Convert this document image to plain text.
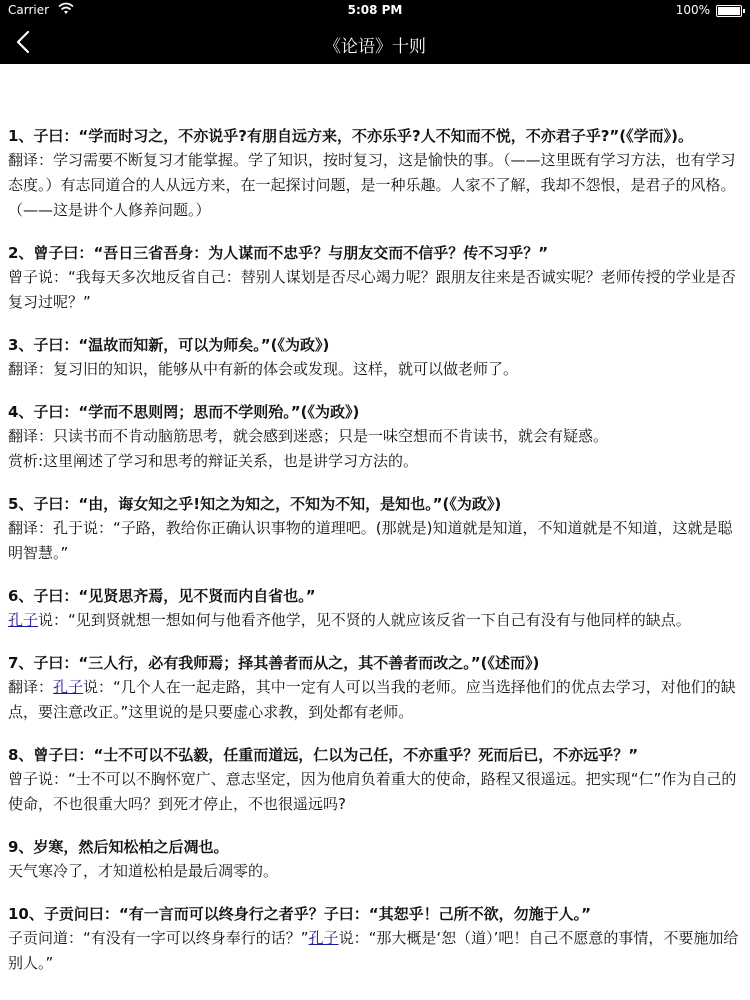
Carrier	5:08 PM	100%
《论语》十则
1、子曰：“学而时习之，不亦说乎?有朋自远方来，不亦乐乎?人不知而不悦，不亦君子乎?”(《学而》)。
翻译：学习需要不断复习才能掌握。学了知识，按时复习，这是愉快的事。（——这里既有学习方法，也有学习态度。）有志同道合的人从远方来，在一起探讨问题，是一种乐趣。人家不了解，我却不怨恨，是君子的风格。（——这是讲个人修养问题。）
2、曾子曰：“吾日三省吾身：为人谋而不忠乎？与朋友交而不信乎？传不习乎？”
曾子说：“我每天多次地反省自己：替别人谋划是否尽心竭力呢？跟朋友往来是否诚实呢？老师传授的学业是否复习过呢？”
3、子曰：“温故而知新，可以为师矣。”(《为政》)
翻译：复习旧的知识，能够从中有新的体会或发现。这样，就可以做老师了。
4、子曰：“学而不思则罔；思而不学则殆。”(《为政》)
翻译：只读书而不肯动脑筋思考，就会感到迷惑；只是一味空想而不肯读书，就会有疑惑。
赏析:这里阐述了学习和思考的辩证关系，也是讲学习方法的。
5、子曰：“由，诲女知之乎!知之为知之，不知为不知，是知也。”(《为政》)
翻译：孔于说：“子路，教给你正确认识事物的道理吧。(那就是)知道就是知道，不知道就是不知道，这就是聪明智慧。”
6、子曰：“见贤思齐焉，见不贤而内自省也。”
孔子说：“见到贤就想一想如何与他看齐他学，见不贤的人就应该反省一下自己有没有与他同样的缺点。
7、子曰：“三人行，必有我师焉；择其善者而从之，其不善者而改之。”(《述而》)
翻译：孔子说：“几个人在一起走路，其中一定有人可以当我的老师。应当选择他们的优点去学习，对他们的缺点，要注意改正。”这里说的是只要虚心求教，到处都有老师。
8、曾子曰：“士不可以不弘毅，任重而道远，仁以为己任，不亦重乎？死而后已，不亦远乎？”
曾子说：“士不可以不胸怀宽广、意志坚定，因为他肩负着重大的使命，路程又很遥远。把实现“仁”作为自己的使命，不也很重大吗？到死才停止，不也很遥远吗?
9、岁寒，然后知松柏之后凋也。
天气寒冷了，才知道松柏是最后凋零的。
10、子贡问曰：“有一言而可以终身行之者乎？子曰：“其恕乎！己所不欲，勿施于人。”
子贡问道：“有没有一字可以终身奉行的话？”孔子说：“那大概是‘恕（道）’吧！自己不愿意的事情，不要施加给别人。”
